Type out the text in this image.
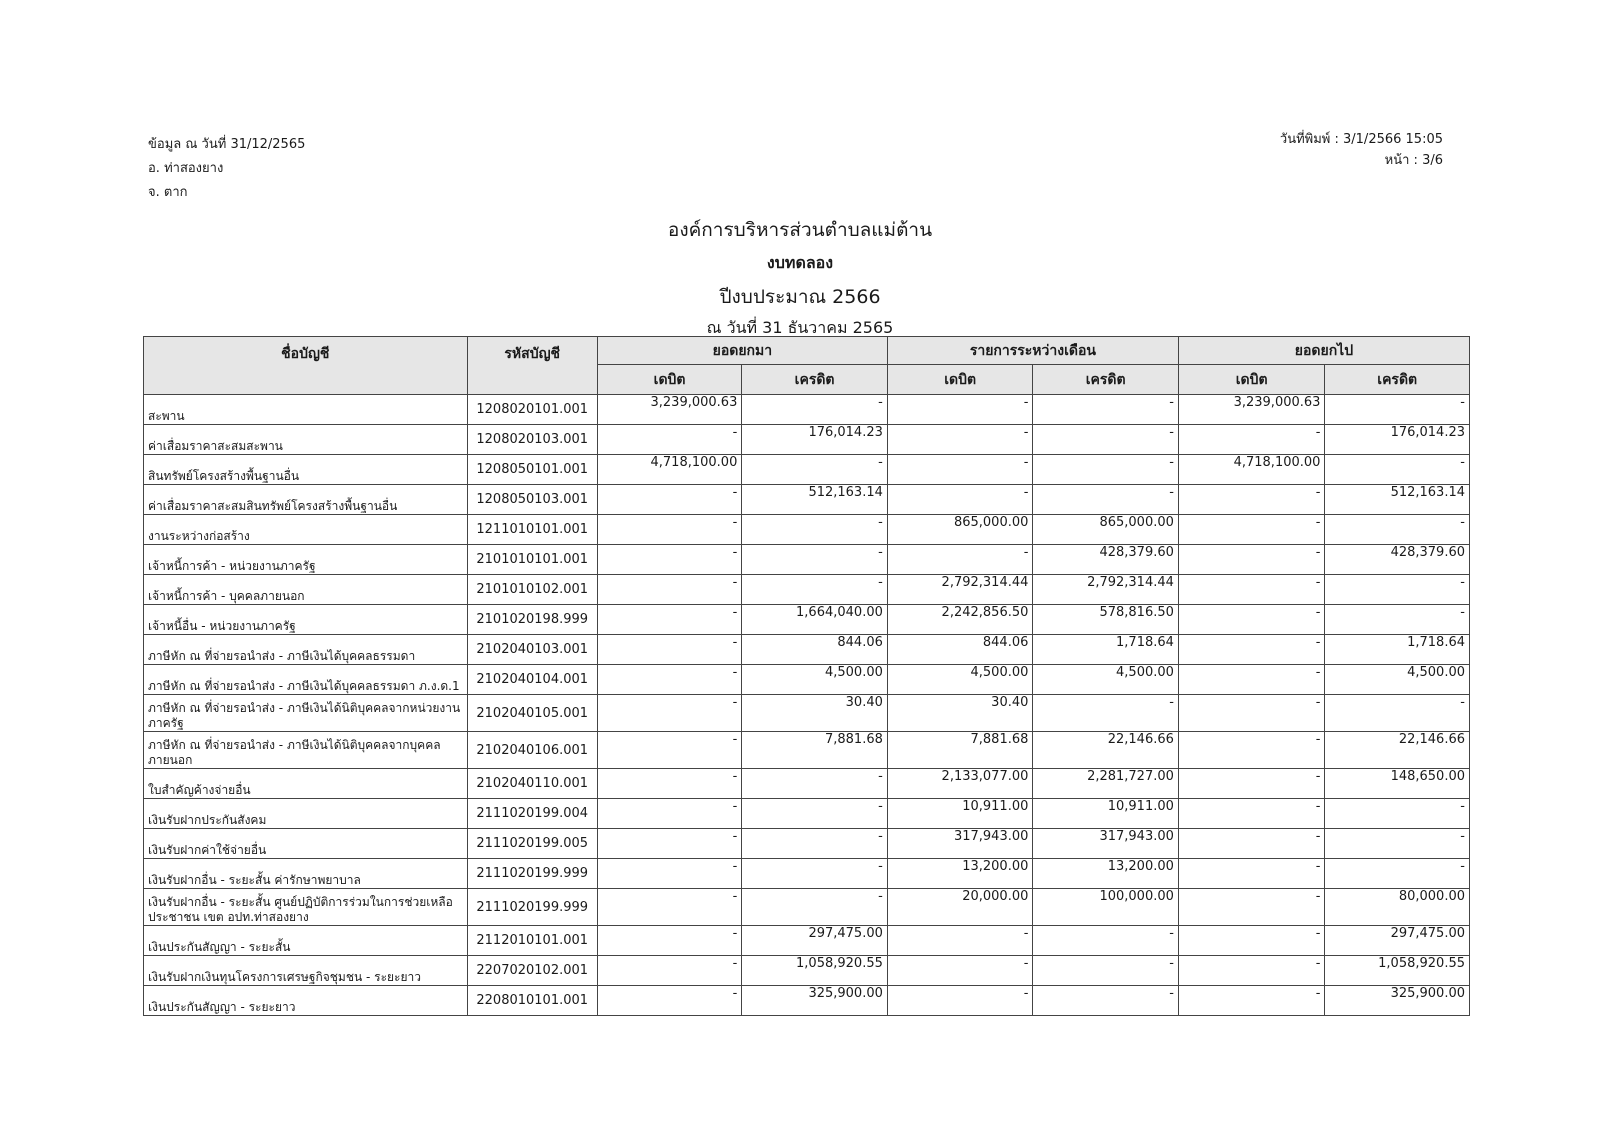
ข้อมูล ณ วันที่ 31/12/2565
อ. ท่าสองยาง
จ. ตาก
วันที่พิมพ์ : 3/1/2566 15:05
หน้า : 3/6
องค์การบริหารส่วนตำบลแม่ต้าน
งบทดลอง
ปีงบประมาณ 2566
ณ วันที่ 31 ธันวาคม 2565
ชื่อบัญชี	รหัสบัญชี	ยอดยกมา		รายการระหว่างเดือน		ยอดยกไป	
		เดบิต	เครดิต	เดบิต	เครดิต	เดบิต	เครดิต
สะพาน	1208020101.001	3,239,000.63	-	-	-	3,239,000.63	-
ค่าเสื่อมราคาสะสมสะพาน	1208020103.001	-	176,014.23	-	-	-	176,014.23
สินทรัพย์โครงสร้างพื้นฐานอื่น	1208050101.001	4,718,100.00	-	-	-	4,718,100.00	-
ค่าเสื่อมราคาสะสมสินทรัพย์โครงสร้างพื้นฐานอื่น	1208050103.001	-	512,163.14	-	-	-	512,163.14
งานระหว่างก่อสร้าง	1211010101.001	-	-	865,000.00	865,000.00	-	-
เจ้าหนี้การค้า - หน่วยงานภาครัฐ	2101010101.001	-	-	-	428,379.60	-	428,379.60
เจ้าหนี้การค้า - บุคคลภายนอก	2101010102.001	-	-	2,792,314.44	2,792,314.44	-	-
เจ้าหนี้อื่น - หน่วยงานภาครัฐ	2101020198.999	-	1,664,040.00	2,242,856.50	578,816.50	-	-
ภาษีหัก ณ ที่จ่ายรอนำส่ง - ภาษีเงินได้บุคคลธรรมดา	2102040103.001	-	844.06	844.06	1,718.64	-	1,718.64
ภาษีหัก ณ ที่จ่ายรอนำส่ง - ภาษีเงินได้บุคคลธรรมดา ภ.ง.ด.1	2102040104.001	-	4,500.00	4,500.00	4,500.00	-	4,500.00
ภาษีหัก ณ ที่จ่ายรอนำส่ง - ภาษีเงินได้นิติบุคคลจากหน่วยงานภาครัฐ	2102040105.001	-	30.40	30.40	-	-	-
ภาษีหัก ณ ที่จ่ายรอนำส่ง - ภาษีเงินได้นิติบุคคลจากบุคคลภายนอก	2102040106.001	-	7,881.68	7,881.68	22,146.66	-	22,146.66
ใบสำคัญค้างจ่ายอื่น	2102040110.001	-	-	2,133,077.00	2,281,727.00	-	148,650.00
เงินรับฝากประกันสังคม	2111020199.004	-	-	10,911.00	10,911.00	-	-
เงินรับฝากค่าใช้จ่ายอื่น	2111020199.005	-	-	317,943.00	317,943.00	-	-
เงินรับฝากอื่น - ระยะสั้น ค่ารักษาพยาบาล	2111020199.999	-	-	13,200.00	13,200.00	-	-
เงินรับฝากอื่น - ระยะสั้น ศูนย์ปฏิบัติการร่วมในการช่วยเหลือประชาชน เขต อปท.ท่าสองยาง	2111020199.999	-	-	20,000.00	100,000.00	-	80,000.00
เงินประกันสัญญา - ระยะสั้น	2112010101.001	-	297,475.00	-	-	-	297,475.00
เงินรับฝากเงินทุนโครงการเศรษฐกิจชุมชน - ระยะยาว	2207020102.001	-	1,058,920.55	-	-	-	1,058,920.55
เงินประกันสัญญา - ระยะยาว	2208010101.001	-	325,900.00	-	-	-	325,900.00
